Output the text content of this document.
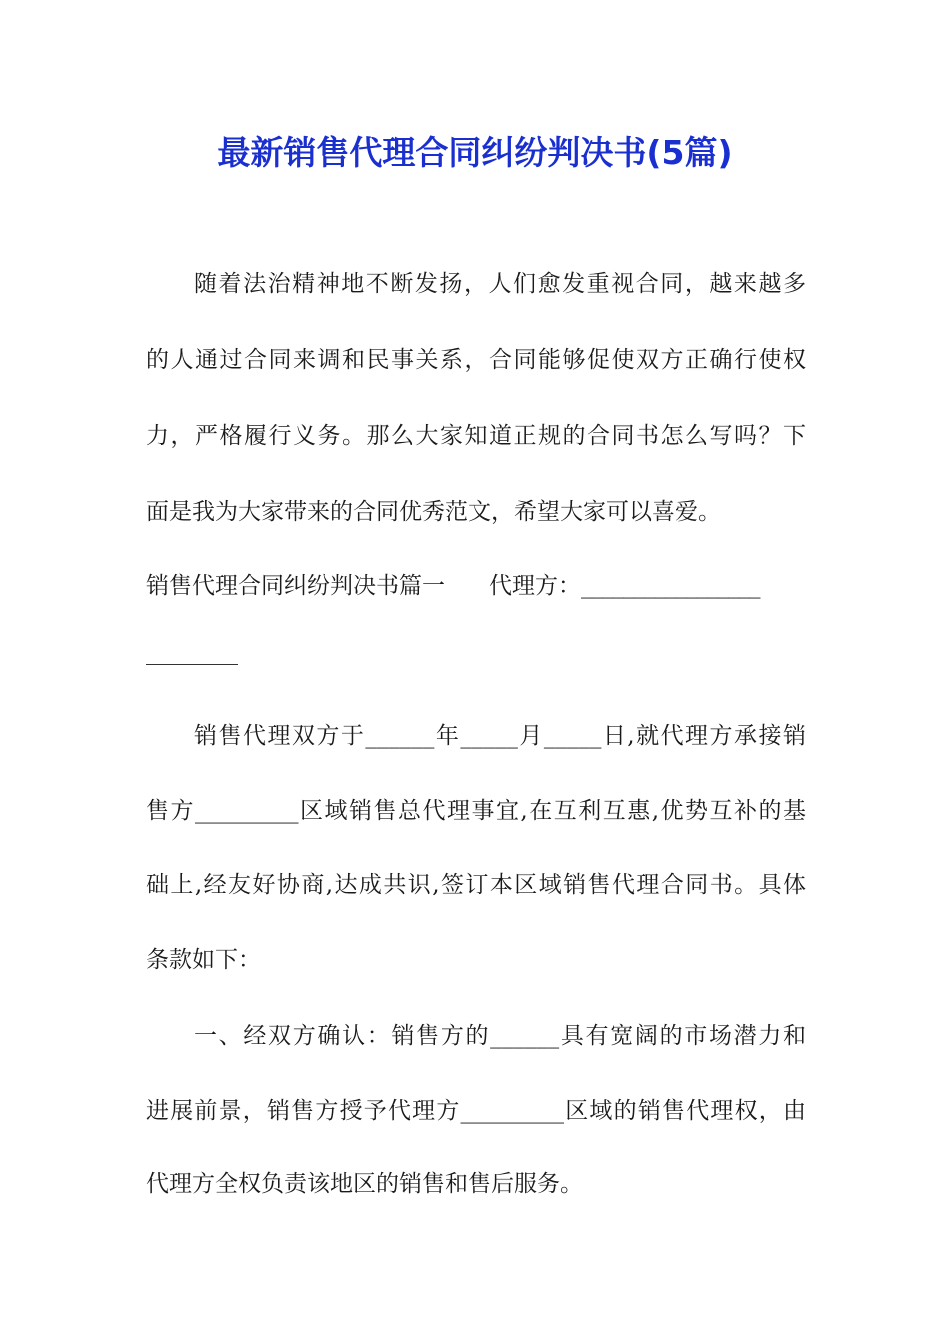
最新销售代理合同纠纷判决书(5篇)

随着法治精神地不断发扬，人们愈发重视合同，越来越多

的人通过合同来调和民事关系，合同能够促使双方正确行使权

力，严格履行义务。那么大家知道正规的合同书怎么写吗？下

面是我为大家带来的合同优秀范文，希望大家可以喜爱。

销售代理合同纠纷判决书篇一 代理方：_________________

销售代理双方于______年_____月_____日,就代理方承接销

售方_________区域销售总代理事宜,在互利互惠,优势互补的基

础上,经友好协商,达成共识,签订本区域销售代理合同书。具体

条款如下：

一、经双方确认：销售方的______具有宽阔的市场潜力和

进展前景，销售方授予代理方_________区域的销售代理权，由

代理方全权负责该地区的销售和售后服务。
